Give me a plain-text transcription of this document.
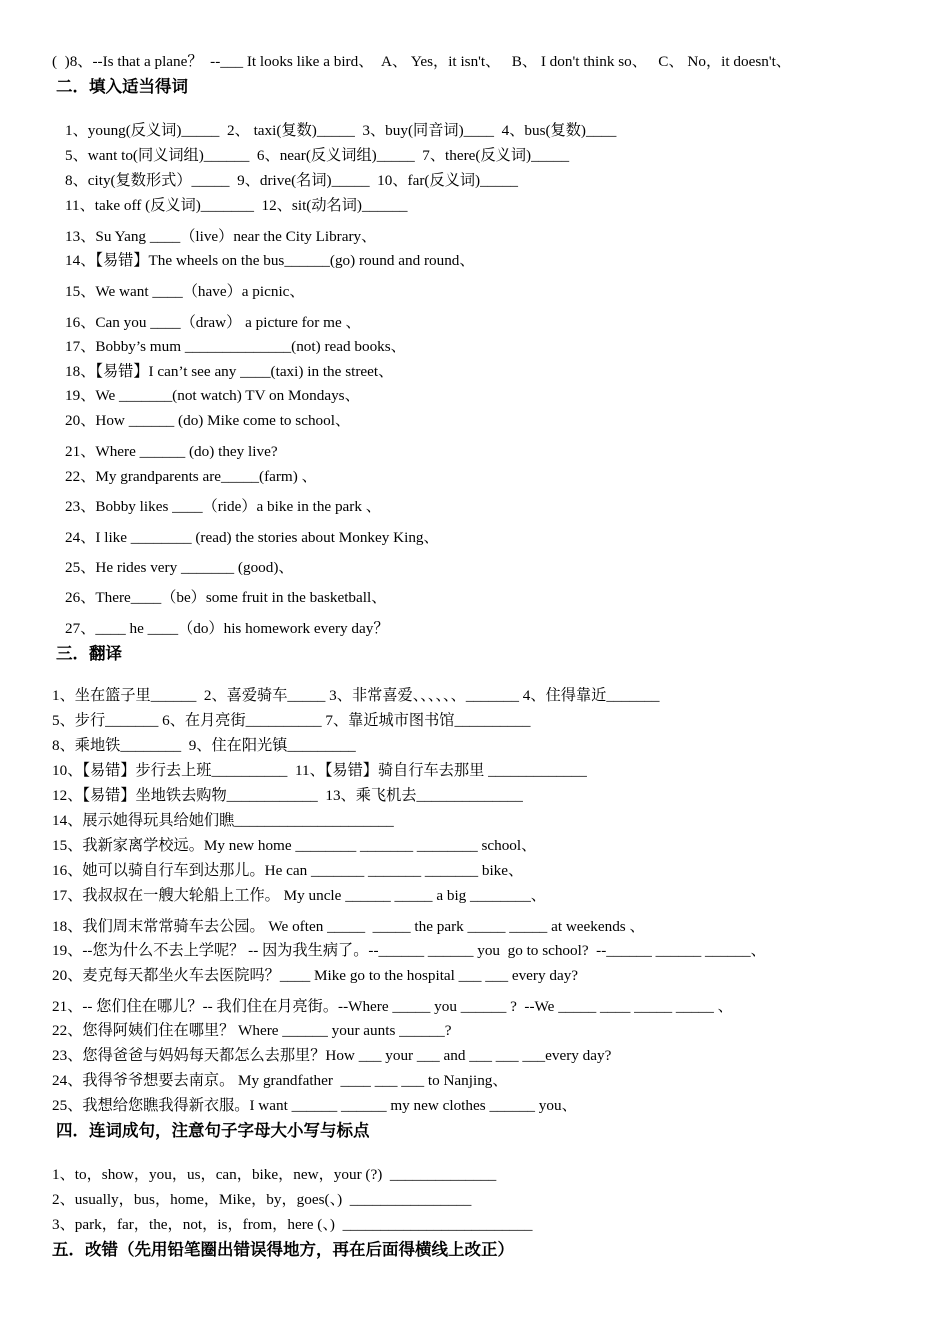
(  )8、--Is that a plane？  --___ It looks like a bird、  A、 Yes，it isn't、   B、 I don't think so、   C、 No，it doesn't、
二．填入适当得词
1、young(反义词)_____  2、 taxi(复数)_____  3、buy(同音词)____  4、bus(复数)____
5、want to(同义词组)______  6、near(反义词组)_____  7、there(反义词)_____
8、city(复数形式）_____  9、drive(名词)_____  10、far(反义词)_____
11、take off (反义词)_______  12、sit(动名词)______
13、Su Yang ____（live）near the City Library、
14、【易错】The wheels on the bus______(go) round and round、
15、We want ____（have）a picnic、
16、Can you ____（draw） a picture for me 、
17、Bobby’s mum ______________(not) read books、
18、【易错】I can’t see any ____(taxi) in the street、
19、We _______(not watch) TV on Mondays、
20、How ______ (do) Mike come to school、
21、Where ______ (do) they live?
22、My grandparents are_____(farm) 、
23、Bobby likes ____（ride）a bike in the park 、
24、I like ________ (read) the stories about Monkey King、
25、He rides very _______ (good)、
26、There____（be）some fruit in the basketball、
27、____ he ____（do）his homework every day？
三．翻译
1、坐在篮子里______  2、喜爱骑车_____ 3、非常喜爱、、、、、、_______ 4、住得靠近_______
5、步行_______ 6、在月亮街__________ 7、靠近城市图书馆__________
8、乘地铁________  9、住在阳光镇_________
10、【易错】步行去上班__________  11、【易错】骑自行车去那里 _____________
12、【易错】坐地铁去购物____________  13、乘飞机去______________
14、展示她得玩具给她们瞧_____________________
15、我新家离学校远。My new home ________ _______ ________ school、
16、她可以骑自行车到达那儿。He can _______ _______ _______ bike、
17、我叔叔在一艘大轮船上工作。 My uncle ______ _____ a big ________、
18、我们周末常常骑车去公园。 We often _____  _____ the park _____ _____ at weekends 、
19、--您为什么不去上学呢？ -- 因为我生病了。--______ ______ you  go to school?  --______ ______ ______、
20、麦克每天都坐火车去医院吗？____ Mike go to the hospital ___ ___ every day?
21、-- 您们住在哪儿？-- 我们住在月亮街。--Where _____ you ______ ?  --We _____ ____ _____ _____ 、
22、您得阿姨们住在哪里？ Where ______ your aunts ______?
23、您得爸爸与妈妈每天都怎么去那里？How ___ your ___ and ___ ___ ___every day?
24、我得爷爷想要去南京。 My grandfather  ____ ___ ___ to Nanjing、
25、我想给您瞧我得新衣服。I want ______ ______ my new clothes ______ you、
四．连词成句，注意句子字母大小写与标点
1、to，show，you，us，can，bike，new，your (?)  ______________
2、usually，bus，home，Mike，by，goes(、)  ________________
3、park，far，the，not，is，from，here (、)  _________________________
五．改错（先用铅笔圈出错误得地方，再在后面得横线上改正）
